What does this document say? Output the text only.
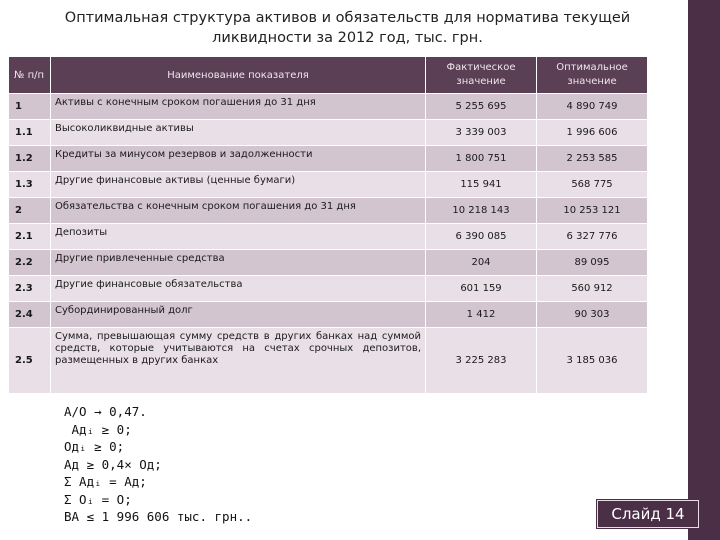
Оптимальная структура активов и обязательств для норматива текущей
ликвидности за 2012 год, тыс. грн.
№ п/п	Наименование показателя	Фактическое значение	Оптимальное значение
1	Активы с конечным сроком погашения до 31 дня	5 255 695	4 890 749
1.1	Высоколиквидные активы	3 339 003	1 996 606
1.2	Кредиты за минусом резервов и задолженности	1 800 751	2 253 585
1.3	Другие финансовые активы (ценные бумаги)	115 941	568 775
2	Обязательства с конечным сроком погашения до 31 дня	10 218 143	10 253 121
2.1	Депозиты	6 390 085	6 327 776
2.2	Другие привлеченные средства	204	89 095
2.3	Другие финансовые обязательства	601 159	560 912
2.4	Субординированный долг	1 412	90 303
2.5	Сумма, превышающая сумму средств в других банках над суммой средств, которые учитываются на счетах срочных депозитов, размещенных в других банках	3 225 283	3 185 036
А/О → 0,47.
Адᵢ ≥ 0;
Одᵢ ≥ 0;
Ад ≥ 0,4× Од;
Σ Адᵢ = Ад;
Σ Оᵢ = О;
ВА ≤ 1 996 606 тыс. грн..	Слайд 14
